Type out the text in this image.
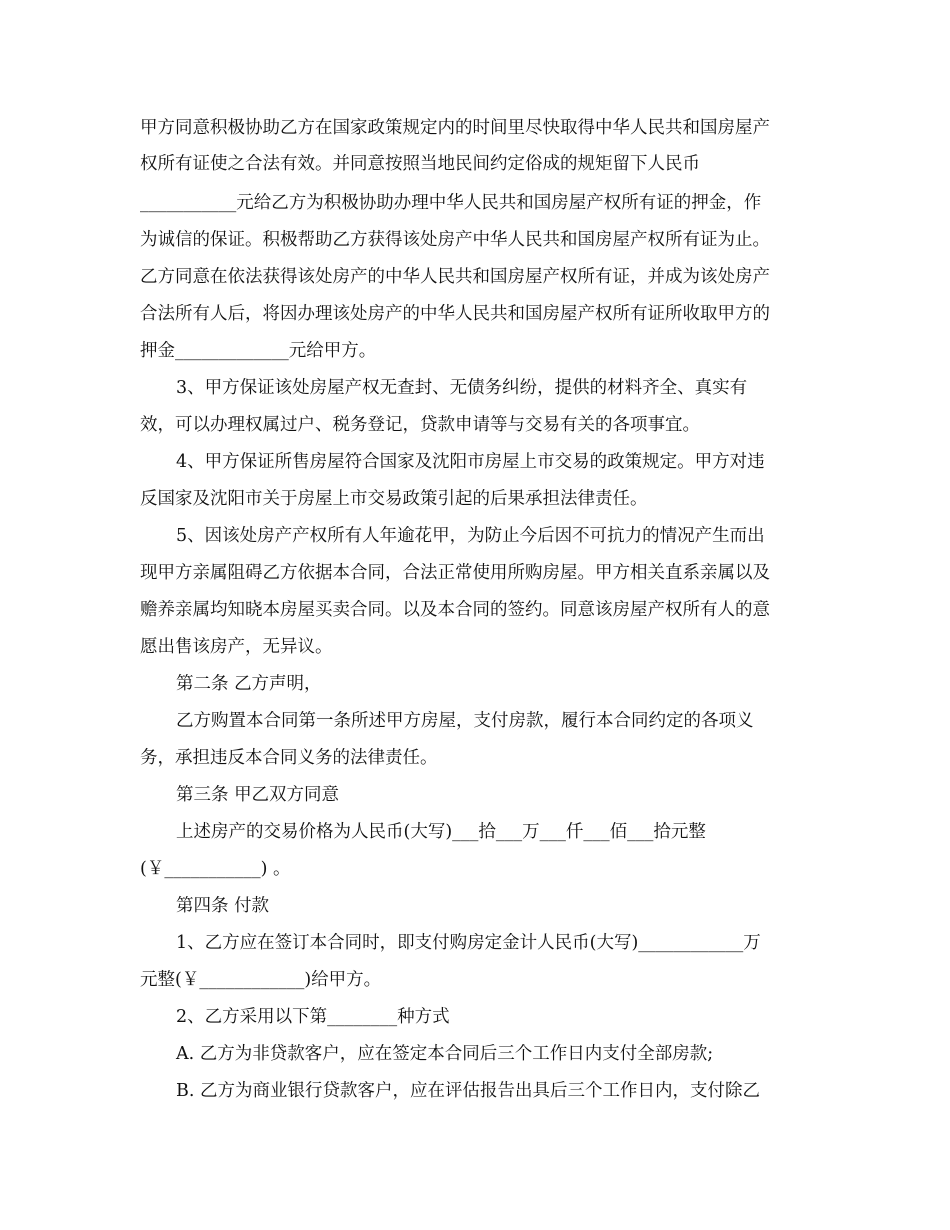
甲方同意积极协助乙方在国家政策规定内的时间里尽快取得中华人民共和国房屋产
权所有证使之合法有效。并同意按照当地民间约定俗成的规矩留下人民币
___________元给乙方为积极协助办理中华人民共和国房屋产权所有证的押金，作
为诚信的保证。积极帮助乙方获得该处房产中华人民共和国房屋产权所有证为止。
乙方同意在依法获得该处房产的中华人民共和国房屋产权所有证，并成为该处房产
合法所有人后，将因办理该处房产的中华人民共和国房屋产权所有证所收取甲方的
押金_____________元给甲方。
3、甲方保证该处房屋产权无查封、无债务纠纷，提供的材料齐全、真实有
效，可以办理权属过户、税务登记，贷款申请等与交易有关的各项事宜。
4、甲方保证所售房屋符合国家及沈阳市房屋上市交易的政策规定。甲方对违
反国家及沈阳市关于房屋上市交易政策引起的后果承担法律责任。
5、因该处房产产权所有人年逾花甲，为防止今后因不可抗力的情况产生而出
现甲方亲属阻碍乙方依据本合同，合法正常使用所购房屋。甲方相关直系亲属以及
赡养亲属均知晓本房屋买卖合同。以及本合同的签约。同意该房屋产权所有人的意
愿出售该房产，无异议。
第二条 乙方声明，
乙方购置本合同第一条所述甲方房屋，支付房款，履行本合同约定的各项义
务，承担违反本合同义务的法律责任。
第三条 甲乙双方同意
上述房产的交易价格为人民币(大写)___拾___万___仟___佰___拾元整
(￥___________) 。
第四条 付款
1、乙方应在签订本合同时，即支付购房定金计人民币(大写)____________万
元整(￥____________)给甲方。
2、乙方采用以下第________种方式
A. 乙方为非贷款客户，应在签定本合同后三个工作日内支付全部房款;
B. 乙方为商业银行贷款客户，应在评估报告出具后三个工作日内，支付除乙
